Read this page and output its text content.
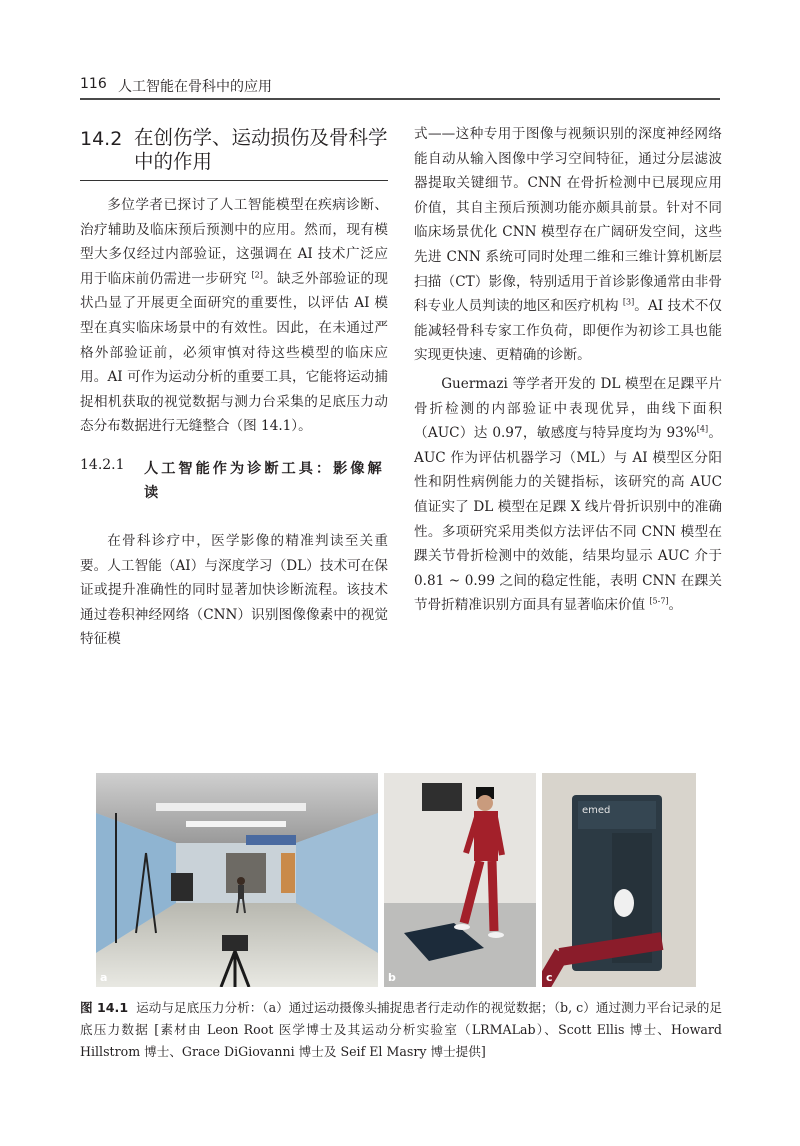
116 人工智能在骨科中的应用
14.2 在创伤学、运动损伤及骨科学中的作用

多位学者已探讨了人工智能模型在疾病诊断、治疗辅助及临床预后预测中的应用。然而，现有模型大多仅经过内部验证，这强调在 AI 技术广泛应用于临床前仍需进一步研究 [2]。缺乏外部验证的现状凸显了开展更全面研究的重要性，以评估 AI 模型在真实临床场景中的有效性。因此，在未通过严格外部验证前，必须审慎对待这些模型的临床应用。AI 可作为运动分析的重要工具，它能将运动捕捉相机获取的视觉数据与测力台采集的足底压力动态分布数据进行无缝整合（图 14.1）。

14.2.1 人工智能作为诊断工具：影像解读

在骨科诊疗中，医学影像的精准判读至关重要。人工智能（AI）与深度学习（DL）技术可在保证或提升准确性的同时显著加快诊断流程。该技术通过卷积神经网络（CNN）识别图像像素中的视觉特征模

式——这种专用于图像与视频识别的深度神经网络能自动从输入图像中学习空间特征，通过分层滤波器提取关键细节。CNN 在骨折检测中已展现应用价值，其自主预后预测功能亦颇具前景。针对不同临床场景优化 CNN 模型存在广阔研发空间，这些先进 CNN 系统可同时处理二维和三维计算机断层扫描（CT）影像，特别适用于首诊影像通常由非骨科专业人员判读的地区和医疗机构 [3]。AI 技术不仅能减轻骨科专家工作负荷，即便作为初诊工具也能实现更快速、更精确的诊断。

Guermazi 等学者开发的 DL 模型在足踝平片骨折检测的内部验证中表现优异，曲线下面积（AUC）达 0.97，敏感度与特异度均为 93%[4]。AUC 作为评估机器学习（ML）与 AI 模型区分阳性和阴性病例能力的关键指标，该研究的高 AUC 值证实了 DL 模型在足踝 X 线片骨折识别中的准确性。多项研究采用类似方法评估不同 CNN 模型在踝关节骨折检测中的效能，结果均显示 AUC 介于 0.81 ~ 0.99 之间的稳定性能，表明 CNN 在踝关节骨折精准识别方面具有显著临床价值 [5-7]。

a	b
emed
c
图 14.1 运动与足底压力分析：（a）通过运动摄像头捕捉患者行走动作的视觉数据；（b, c）通过测力平台记录的足底压力数据 [素材由 Leon Root 医学博士及其运动分析实验室（LRMALab）、Scott Ellis 博士、Howard Hillstrom 博士、Grace DiGiovanni 博士及 Seif El Masry 博士提供]
